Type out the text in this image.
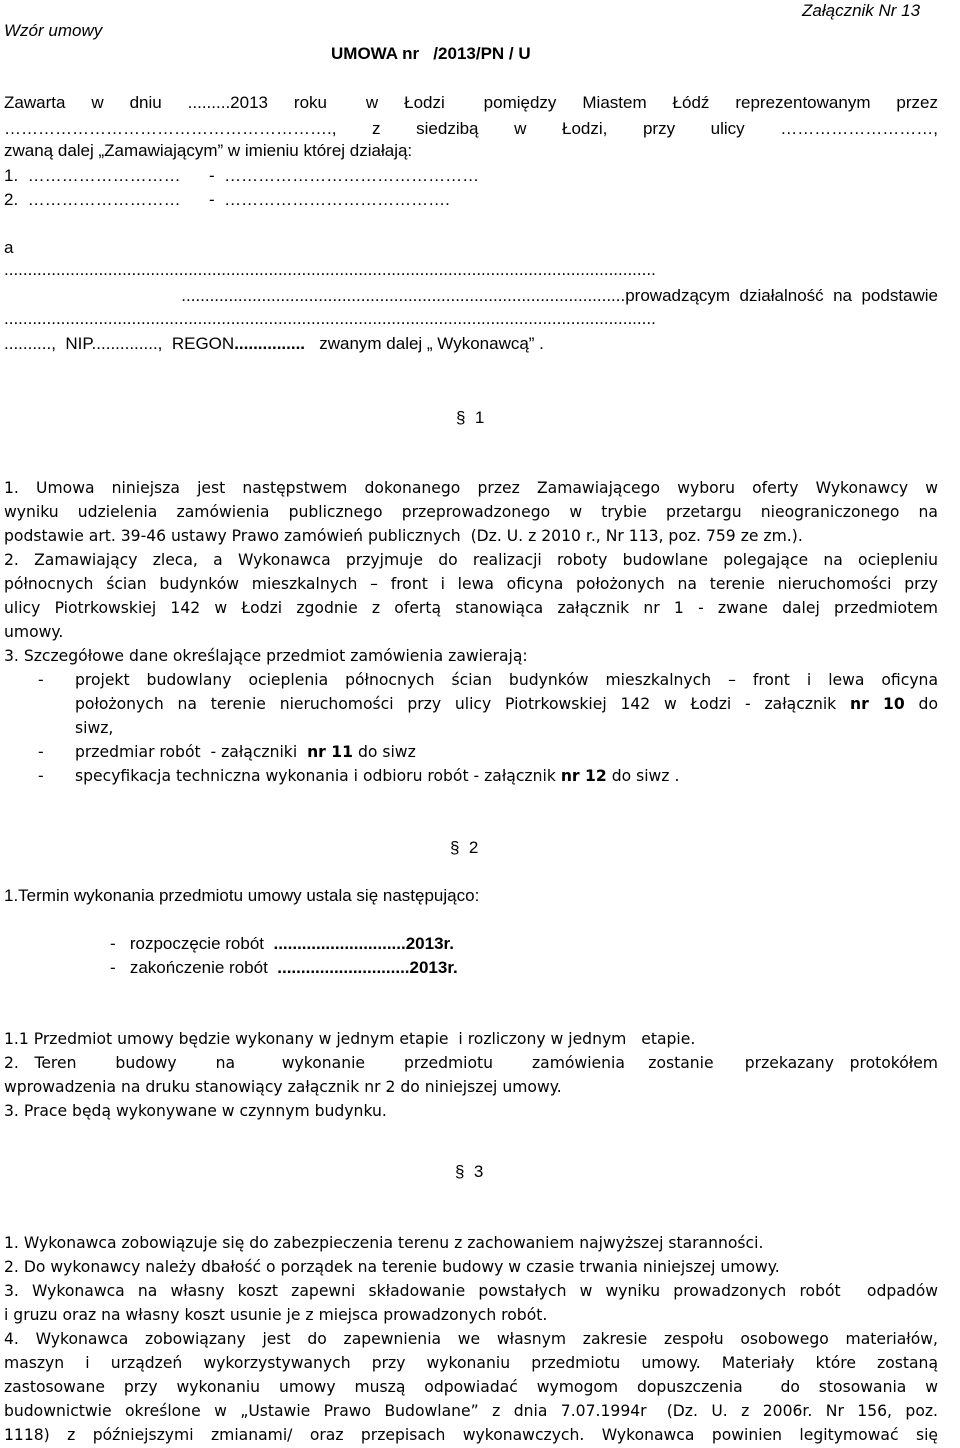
Wzór umowy
Załącznik Nr 13
UMOWA nr   /2013/PN / U
Zawarta  w  dniu  .........2013  roku   w  Łodzi   pomiędzy  Miastem  Łódź  reprezentowanym  przez
…………………………………………………., z siedzibą w Łodzi, przy ulicy ………………………,
zwaną dalej „Zamawiającym” w imieniu której działają:
1.  ………………………      -  ………………………………………
2.  ………………………      -  ………………………………….
a
..........................................................................................................................................
..............................................................................................prowadzącym  działalność  na  podstawie
..........................................................................................................................................
..........,  NIP..............,  REGON...............   zwanym dalej „ Wykonawcą” .
§  1
1.  Umowa  niniejsza  jest  następstwem  dokonanego  przez  Zamawiającego  wyboru  oferty  Wykonawcy  w
wyniku  udzielenia  zamówienia  publicznego  przeprowadzonego  w  trybie  przetargu  nieograniczonego  na
podstawie art. 39-46 ustawy Prawo zamówień publicznych  (Dz. U. z 2010 r., Nr 113, poz. 759 ze zm.).
2.  Zamawiający  zleca,  a  Wykonawca  przyjmuje  do  realizacji  roboty  budowlane  polegające  na  ociepleniu
północnych  ścian  budynków  mieszkalnych  –  front  i  lewa  oficyna  położonych  na  terenie  nieruchomości  przy
ulicy  Piotrkowskiej  142  w  Łodzi  zgodnie  z  ofertą  stanowiąca  załącznik  nr  1  -  zwane  dalej  przedmiotem
umowy.
3. Szczegółowe dane określające przedmiot zamówienia zawierają:
- projekt  budowlany  ocieplenia  północnych  ścian  budynków  mieszkalnych  –  front  i  lewa  oficyna
położonych na terenie nieruchomości przy ulicy Piotrkowskiej 142 w Łodzi - załącznik nr 10 do
siwz,
- przedmiar robót  - załączniki  nr 11 do siwz
- specyfikacja techniczna wykonania i odbioru robót - załącznik nr 12 do siwz .
§  2
1.Termin wykonania przedmiotu umowy ustala się następująco:
-   rozpoczęcie robót  ............................2013r.
-   zakończenie robót  ............................2013r.
1.1 Przedmiot umowy będzie wykonany w jednym etapie  i rozliczony w jednym   etapie.
2.  Teren     budowy     na      wykonanie     przedmiotu     zamówienia   zostanie    przekazany  protokółem
wprowadzenia na druku stanowiący załącznik nr 2 do niniejszej umowy.
3. Prace będą wykonywane w czynnym budynku.
§  3
1. Wykonawca zobowiązuje się do zabezpieczenia terenu z zachowaniem najwyższej staranności.
2. Do wykonawcy należy dbałość o porządek na terenie budowy w czasie trwania niniejszej umowy.
3. Wykonawca na własny koszt zapewni składowanie powstałych w wyniku prowadzonych robót  odpadów
i gruzu oraz na własny koszt usunie je z miejsca prowadzonych robót.
4.  Wykonawca  zobowiązany  jest  do  zapewnienia  we  własnym  zakresie  zespołu  osobowego  materiałów,
maszyn  i  urządzeń  wykorzystywanych  przy  wykonaniu  przedmiotu  umowy.  Materiały  które  zostaną
zastosowane  przy  wykonaniu  umowy  muszą  odpowiadać  wymogom  dopuszczenia    do  stosowania  w
budownictwie  określone  w  „Ustawie  Prawo  Budowlane”  z  dnia  7.07.1994r   (Dz.  U.  z  2006r.  Nr  156,  poz.
1118)  z  późniejszymi  zmianami/  oraz  przepisach  wykonawczych.  Wykonawca  powinien  legitymować  się
